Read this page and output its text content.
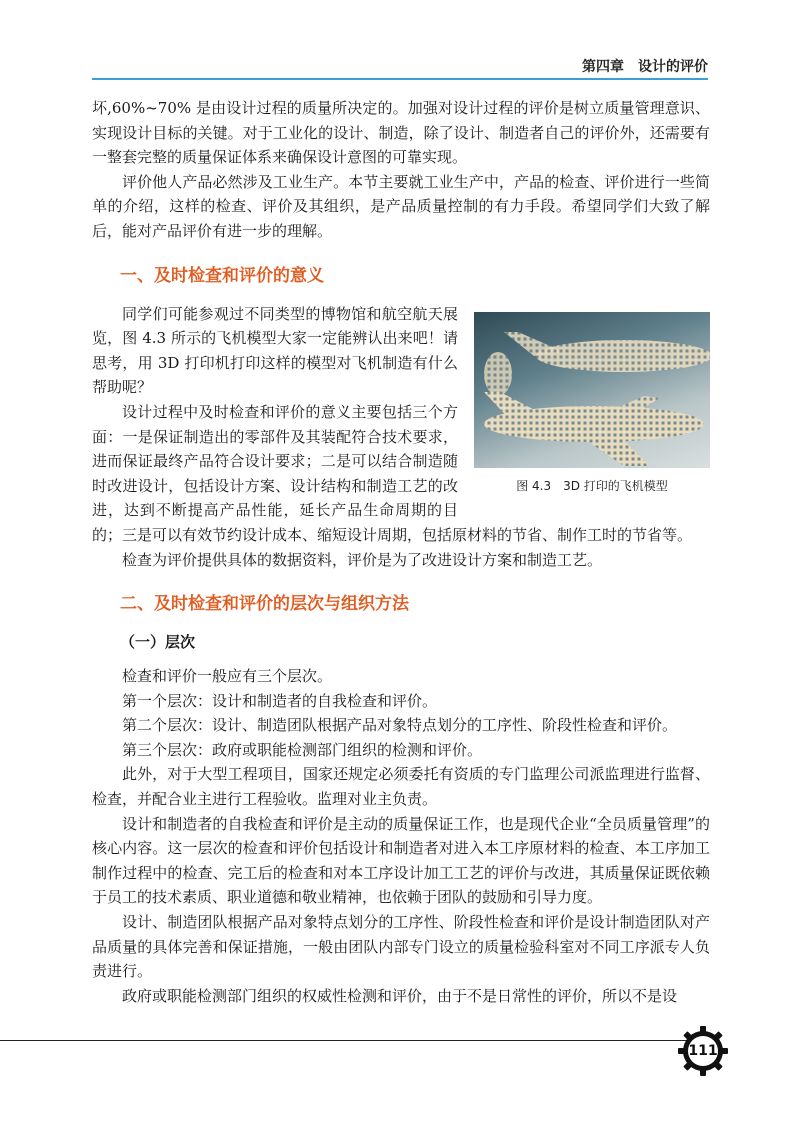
第四章　设计的评价

坏,60%~70% 是由设计过程的质量所决定的。加强对设计过程的评价是树立质量管理意识、实现设计目标的关键。对于工业化的设计、制造，除了设计、制造者自己的评价外，还需要有一整套完整的质量保证体系来确保设计意图的可靠实现。

评价他人产品必然涉及工业生产。本节主要就工业生产中，产品的检查、评价进行一些简单的介绍，这样的检查、评价及其组织，是产品质量控制的有力手段。希望同学们大致了解后，能对产品评价有进一步的理解。

一、及时检查和评价的意义
图 4.3　3D 打印的飞机模型

同学们可能参观过不同类型的博物馆和航空航天展览，图 4.3 所示的飞机模型大家一定能辨认出来吧！请思考，用 3D 打印机打印这样的模型对飞机制造有什么帮助呢？

设计过程中及时检查和评价的意义主要包括三个方面：一是保证制造出的零部件及其装配符合技术要求，进而保证最终产品符合设计要求；二是可以结合制造随时改进设计，包括设计方案、设计结构和制造工艺的改进，达到不断提高产品性能，延长产品生命周期的目的；三是可以有效节约设计成本、缩短设计周期，包括原材料的节省、制作工时的节省等。

检查为评价提供具体的数据资料，评价是为了改进设计方案和制造工艺。

二、及时检查和评价的层次与组织方法
（一）层次

检查和评价一般应有三个层次。

第一个层次：设计和制造者的自我检查和评价。

第二个层次：设计、制造团队根据产品对象特点划分的工序性、阶段性检查和评价。

第三个层次：政府或职能检测部门组织的检测和评价。

此外，对于大型工程项目，国家还规定必须委托有资质的专门监理公司派监理进行监督、检查，并配合业主进行工程验收。监理对业主负责。

设计和制造者的自我检查和评价是主动的质量保证工作，也是现代企业“全员质量管理”的核心内容。这一层次的检查和评价包括设计和制造者对进入本工序原材料的检查、本工序加工制作过程中的检查、完工后的检查和对本工序设计加工工艺的评价与改进，其质量保证既依赖于员工的技术素质、职业道德和敬业精神，也依赖于团队的鼓励和引导力度。

设计、制造团队根据产品对象特点划分的工序性、阶段性检查和评价是设计制造团队对产品质量的具体完善和保证措施，一般由团队内部专门设立的质量检验科室对不同工序派专人负责进行。

政府或职能检测部门组织的权威性检测和评价，由于不是日常性的评价，所以不是设

111
